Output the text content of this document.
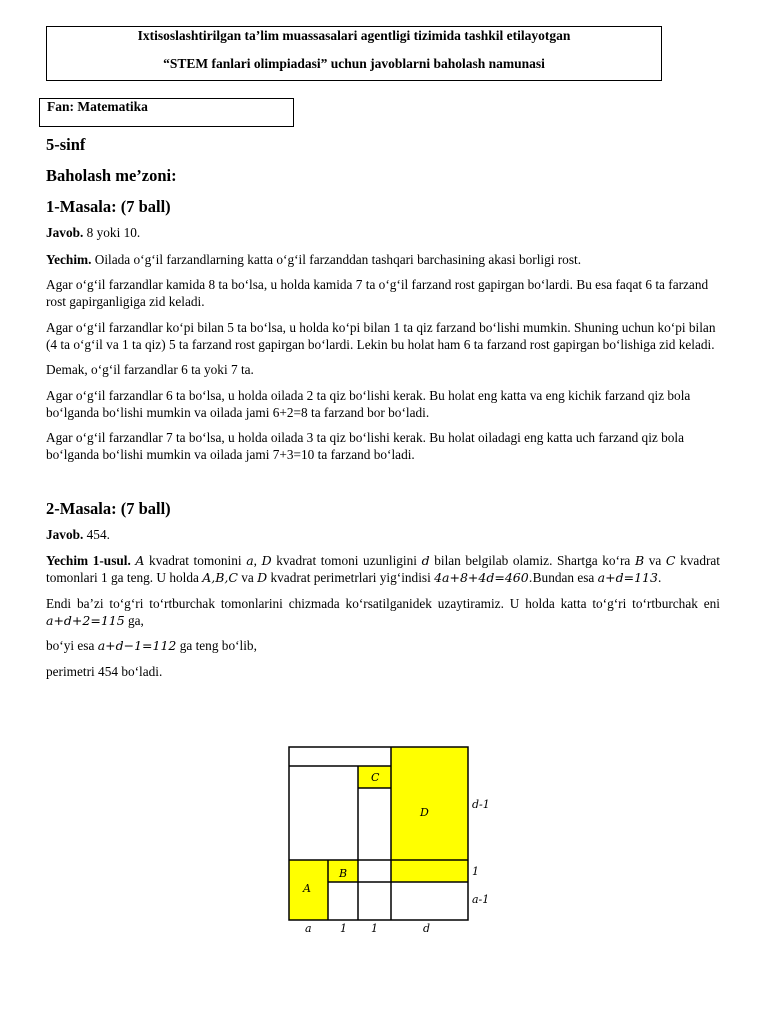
Ixtisoslashtirilgan ta’lim muassasalari agentligi tizimida tashkil etilayotgan
“STEM fanlari olimpiadasi” uchun javoblarni baholash namunasi
Fan: Matematika
5-sinf
Baholash me’zoni:
1-Masala: (7 ball)

Javob. 8 yoki 10.

Yechim. Oilada o‘g‘il farzandlarning katta o‘g‘il farzanddan tashqari barchasining akasi borligi rost.

Agar o‘g‘il farzandlar kamida 8 ta bo‘lsa, u holda kamida 7 ta o‘g‘il farzand rost gapirgan bo‘lardi. Bu esa faqat 6 ta farzand rost gapirganligiga zid keladi.

Agar o‘g‘il farzandlar ko‘pi bilan 5 ta bo‘lsa, u holda ko‘pi bilan 1 ta qiz farzand bo‘lishi mumkin. Shuning uchun ko‘pi bilan (4 ta o‘g‘il va 1 ta qiz) 5 ta farzand rost gapirgan bo‘lardi. Lekin bu holat ham 6 ta farzand rost gapirgan bo‘lishiga zid keladi.

Demak, o‘g‘il farzandlar 6 ta yoki 7 ta.

Agar o‘g‘il farzandlar 6 ta bo‘lsa, u holda oilada 2 ta qiz bo‘lishi kerak. Bu holat eng katta va eng kichik farzand qiz bola bo‘lganda bo‘lishi mumkin va oilada jami 6+2=8 ta farzand bor bo‘ladi.

Agar o‘g‘il farzandlar 7 ta bo‘lsa, u holda oilada 3 ta qiz bo‘lishi kerak. Bu holat oiladagi eng katta uch farzand qiz bola bo‘lganda bo‘lishi mumkin va oilada jami 7+3=10 ta farzand bo‘ladi.

2-Masala: (7 ball)

Javob. 454.

Yechim 1-usul. A kvadrat tomonini a, D kvadrat tomoni uzunligini d bilan belgilab olamiz. Shartga ko‘ra B va C kvadrat tomonlari 1 ga teng. U holda A,B,C va D kvadrat perimetrlari yig‘indisi 4a+8+4d=460.Bundan esa a+d=113.

Endi ba’zi to‘g‘ri to‘rtburchak tomonlarini chizmada ko‘rsatilganidek uzaytiramiz. U holda katta to‘g‘ri to‘rtburchak eni a+d+2=115 ga,

bo‘yi esa a+d−1=112 ga teng bo‘lib,

perimetri 454 bo‘ladi.

C
D
B
A
d-1
1
a-1
a	1 1	d
